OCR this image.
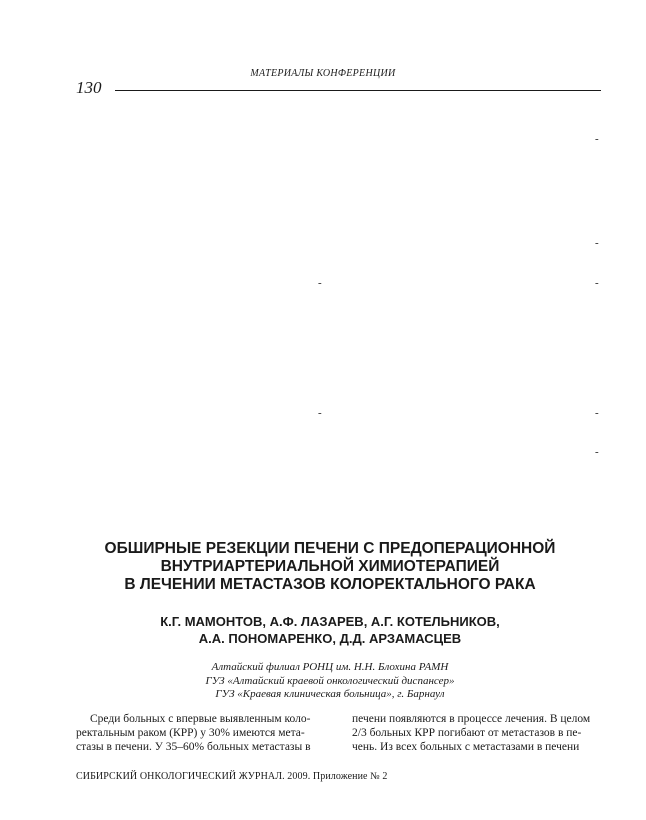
МАТЕРИАЛЫ КОНФЕРЕНЦИИ
130
-
-
-	-
-	-
-
ОБШИРНЫЕ РЕЗЕКЦИИ ПЕЧЕНИ С ПРЕДОПЕРАЦИОННОЙ
ВНУТРИАРТЕРИАЛЬНОЙ ХИМИОТЕРАПИЕЙ
В ЛЕЧЕНИИ МЕТАСТАЗОВ КОЛОРЕКТАЛЬНОГО РАКА
К.Г. МАМОНТОВ, А.Ф. ЛАЗАРЕВ, А.Г. КОТЕЛЬНИКОВ,
А.А. ПОНОМАРЕНКО, Д.Д. АРЗАМАСЦЕВ
Алтайский филиал РОНЦ им. Н.Н. Блохина РАМН
ГУЗ «Алтайский краевой онкологический диспансер»
ГУЗ «Краевая клиническая больница», г. Барнаул
Среди больных с впервые выявленным коло-
ректальным раком (КРР) у 30% имеются мета-
стазы в печени. У 35–60% больных метастазы в
печени появляются в процессе лечения. В целом
2/3 больных КРР погибают от метастазов в пе-
чень. Из всех больных с метастазами в печени
СИБИРСКИЙ ОНКОЛОГИЧЕСКИЙ ЖУРНАЛ. 2009. Приложение № 2
